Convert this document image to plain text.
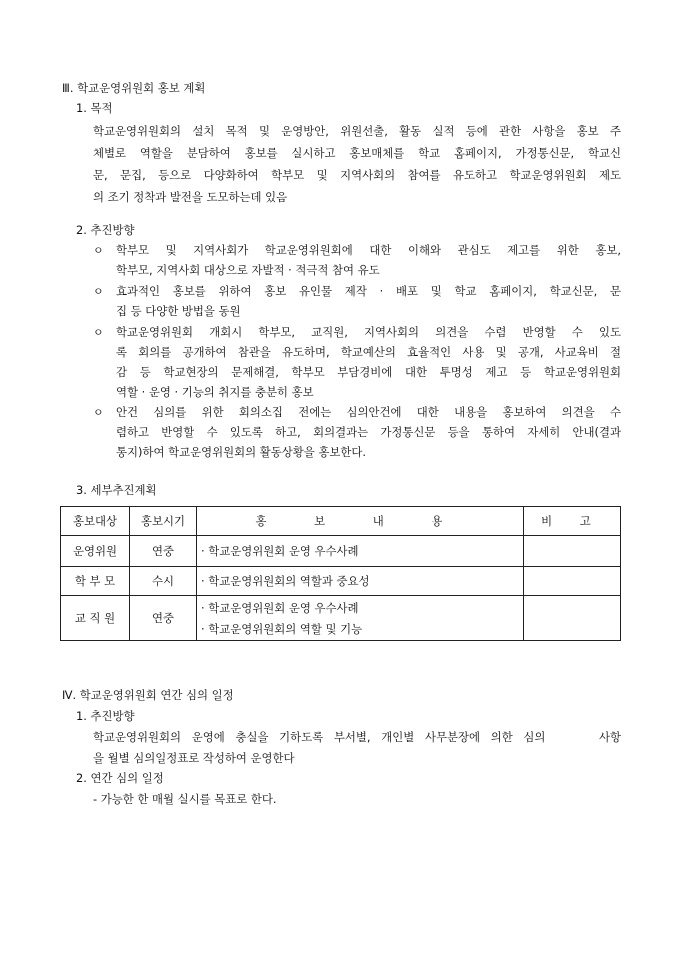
Ⅲ. 학교운영위원회 홍보 계획
1. 목적
학교운영위원회의 설치 목적 및 운영방안, 위원선출, 활동 실적 등에 관한 사항을 홍보 주
체별로 역할을 분담하여 홍보를 실시하고 홍보매체를 학교 홈페이지, 가정통신문, 학교신
문, 문집, 등으로 다양화하여 학부모 및 지역사회의 참여를 유도하고 학교운영위원회 제도
의 조기 정착과 발전을 도모하는데 있음
2. 추진방향
ㅇ 학부모 및 지역사회가 학교운영위원회에 대한 이해와 관심도 제고를 위한 홍보,
학부모, 지역사회 대상으로 자발적 · 적극적 참여 유도
ㅇ 효과적인 홍보를 위하여 홍보 유인물 제작 · 배포 및 학교 홈페이지, 학교신문, 문
집 등 다양한 방법을 동원
ㅇ 학교운영위원회 개회시 학부모, 교직원, 지역사회의 의견을 수렴 반영할 수 있도
록 회의를 공개하여 참관을 유도하며, 학교예산의 효율적인 사용 및 공개, 사교육비 절
감 등 학교현장의 문제해결, 학부모 부담경비에 대한 투명성 제고 등 학교운영위원회
역할 · 운영 · 기능의 취지를 충분히 홍보
ㅇ 안건 심의를 위한 회의소집 전에는 심의안건에 대한 내용을 홍보하여 의견을 수
렴하고 반영할 수 있도록 하고, 회의결과는 가정통신문 등을 통하여 자세히 안내(결과
통지)하여 학교운영위원회의 활동상황을 홍보한다.
3. 세부추진계획
홍보대상	홍보시기	홍 보 내 용	비 고
운영위원	연중	· 학교운영위원회 운영 우수사례	
학 부 모	수시	· 학교운영위원회의 역할과 중요성	
교 직 원	연중	· 학교운영위원회 운영 우수사례
· 학교운영위원회의 역할 및 기능	

Ⅳ. 학교운영위원회 연간 심의 일정
1. 추진방향
학교운영위원회의 운영에 충실을 기하도록 부서별, 개인별 사무분장에 의한 심의     사항
을 월별 심의일정표로 작성하여 운영한다
2. 연간 심의 일정
- 가능한 한 매월 실시를 목표로 한다.
